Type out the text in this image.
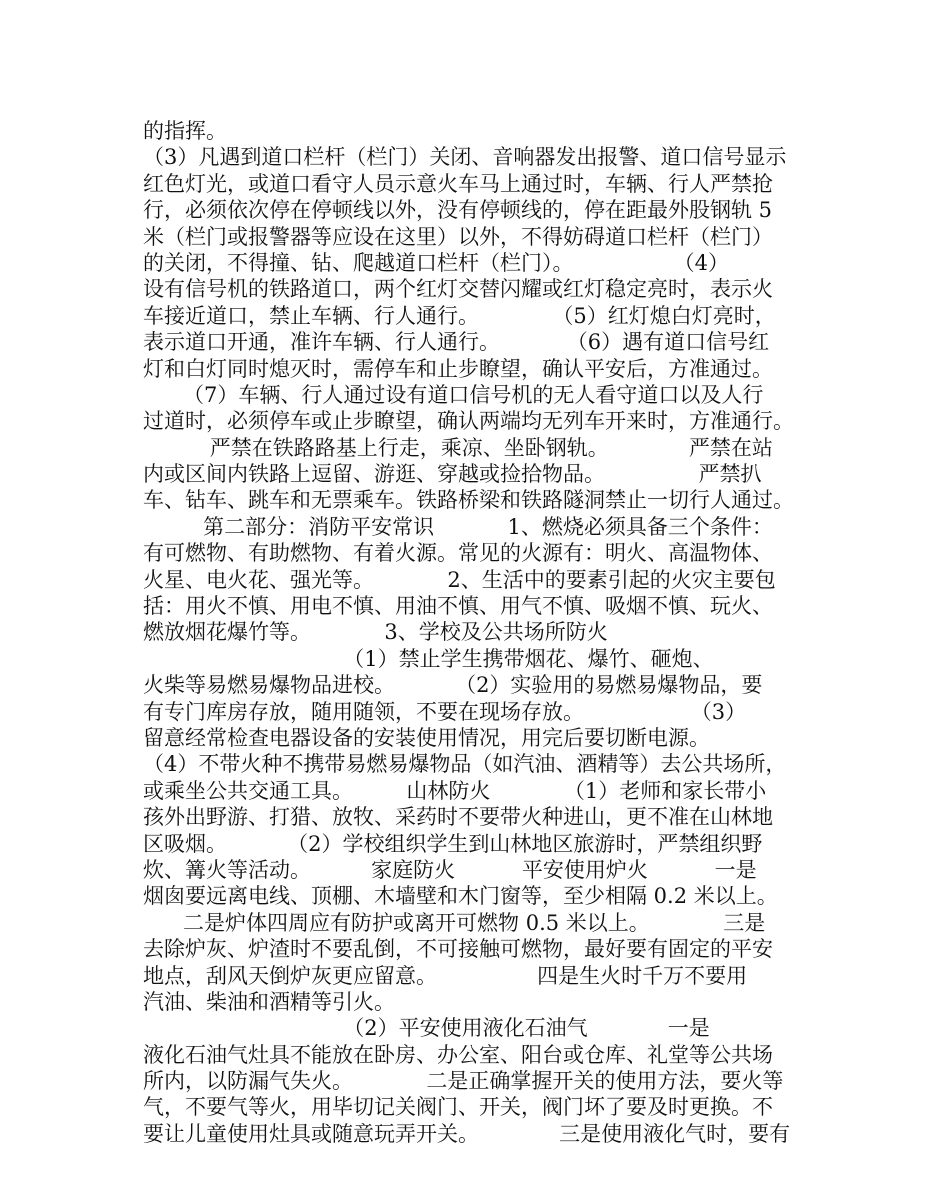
的指挥。
（3）凡遇到道口栏杆（栏门）关闭、音响器发出报警、道口信号显示
红色灯光，或道口看守人员示意火车马上通过时，车辆、行人严禁抢
行，必须依次停在停顿线以外，没有停顿线的，停在距最外股钢轨 5
米（栏门或报警器等应设在这里）以外，不得妨碍道口栏杆（栏门）
的关闭，不得撞、钻、爬越道口栏杆（栏门）。               （4）
设有信号机的铁路道口，两个红灯交替闪耀或红灯稳定亮时，表示火
车接近道口，禁止车辆、行人通行。           （5）红灯熄白灯亮时，
表示道口开通，准许车辆、行人通行。          （6）遇有道口信号红
灯和白灯同时熄灭时，需停车和止步瞭望，确认平安后，方准通过。
（7）车辆、行人通过设有道口信号机的无人看守道口以及人行
过道时，必须停车或止步瞭望，确认两端均无列车开来时，方准通行。
严禁在铁路路基上行走，乘凉、坐卧钢轨。            严禁在站
内或区间内铁路上逗留、游逛、穿越或捡拾物品。              严禁扒
车、钻车、跳车和无票乘车。铁路桥梁和铁路隧洞禁止一切行人通过。
第二部分：消防平安常识           1、燃烧必须具备三个条件：
有可燃物、有助燃物、有着火源。常见的火源有：明火、高温物体、
火星、电火花、强光等。           2、生活中的要素引起的火灾主要包
括：用火不慎、用电不慎、用油不慎、用气不慎、吸烟不慎、玩火、
燃放烟花爆竹等。           3、学校及公共场所防火
（1）禁止学生携带烟花、爆竹、砸炮、
火柴等易燃易爆物品进校。         （2）实验用的易燃易爆物品，要
有专门库房存放，随用随领，不要在现场存放。                （3）
留意经常检查电器设备的安装使用情况，用完后要切断电源。
（4）不带火种不携带易燃易爆物品（如汽油、酒精等）去公共场所，
或乘坐公共交通工具。        山林防火           （1）老师和家长带小
孩外出野游、打猎、放牧、采药时不要带火种进山，更不准在山林地
区吸烟。         （2）学校组织学生到山林地区旅游时，严禁组织野
炊、篝火等活动。         家庭防火          平安使用炉火          一是
烟囱要远离电线、顶棚、木墙壁和木门窗等，至少相隔 0.2 米以上。
二是炉体四周应有防护或离开可燃物 0.5 米以上。           三是
去除炉灰、炉渣时不要乱倒，不可接触可燃物，最好要有固定的平安
地点，刮风天倒炉灰更应留意。               四是生火时千万不要用
汽油、柴油和酒精等引火。
（2）平安使用液化石油气            一是
液化石油气灶具不能放在卧房、办公室、阳台或仓库、礼堂等公共场
所内，以防漏气失火。           二是正确掌握开关的使用方法，要火等
气，不要气等火，用毕切记关阀门、开关，阀门坏了要及时更换。不
要让儿童使用灶具或随意玩弄开关。            三是使用液化气时，要有
